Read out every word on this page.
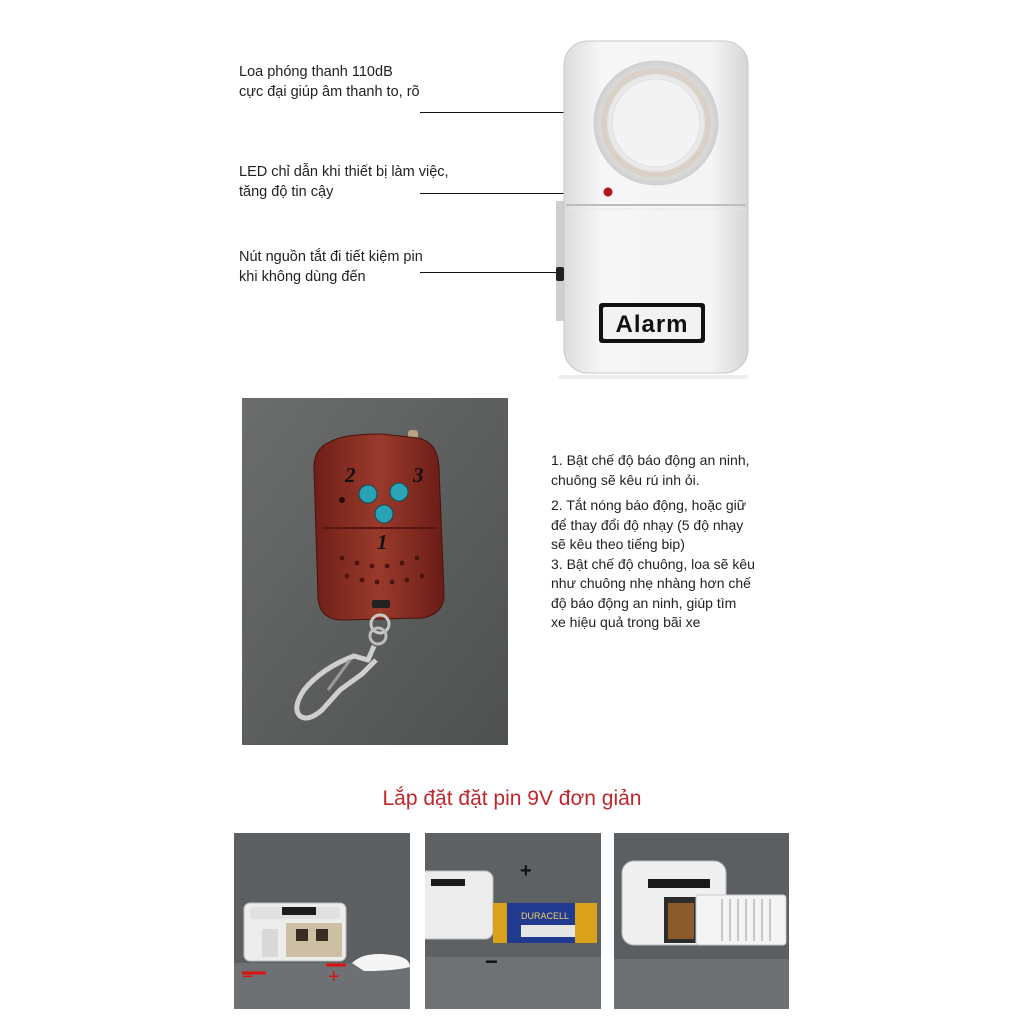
Loa phóng thanh 110dB
cực đại giúp âm thanh to, rõ
LED chỉ dẫn khi thiết bị làm việc,
tăng độ tin cậy
Nút nguồn tắt đi tiết kiệm pin
khi không dùng đến
Alarm
2	3
1

1. Bật chế độ báo động an ninh,
chuông sẽ kêu rú inh ỏi.

2. Tắt nóng báo động, hoặc giữ
để thay đổi độ nhạy (5 độ nhạy
sẽ kêu theo tiếng bip)

3. Bật chế độ chuông, loa sẽ kêu
như chuông nhẹ nhàng hơn chế
độ báo động an ninh, giúp tìm
xe hiệu quả trong bãi xe

Lắp đặt đặt pin 9V đơn giản
−	+
DURACELL
+
−
